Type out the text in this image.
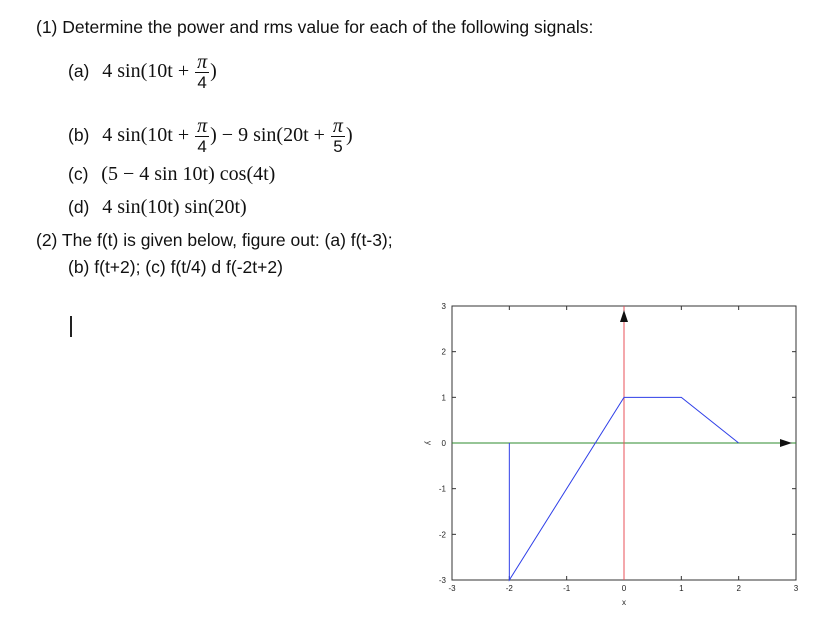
(1) Determine the power and rms value for each of the following signals:
(a) 4 $\sin(10t + \frac{\pi}{4}$ )
(b) 4 $\sin(10t + \frac{\pi}{4}$ ) − 9 $\sin(20t + \frac{\pi}{5}$ )
(c) (5 − 4 sin 10t) cos(4t)
(d) 4 sin(10t) sin(20t)
(2) The f(t) is given below, figure out: (a) f(t-3);
(b) f(t+2); (c) f(t/4) d f(-2t+2)
-3	-2	-1	0	1	2	3
-3
-2
-1
0
1
2
3
x
y
